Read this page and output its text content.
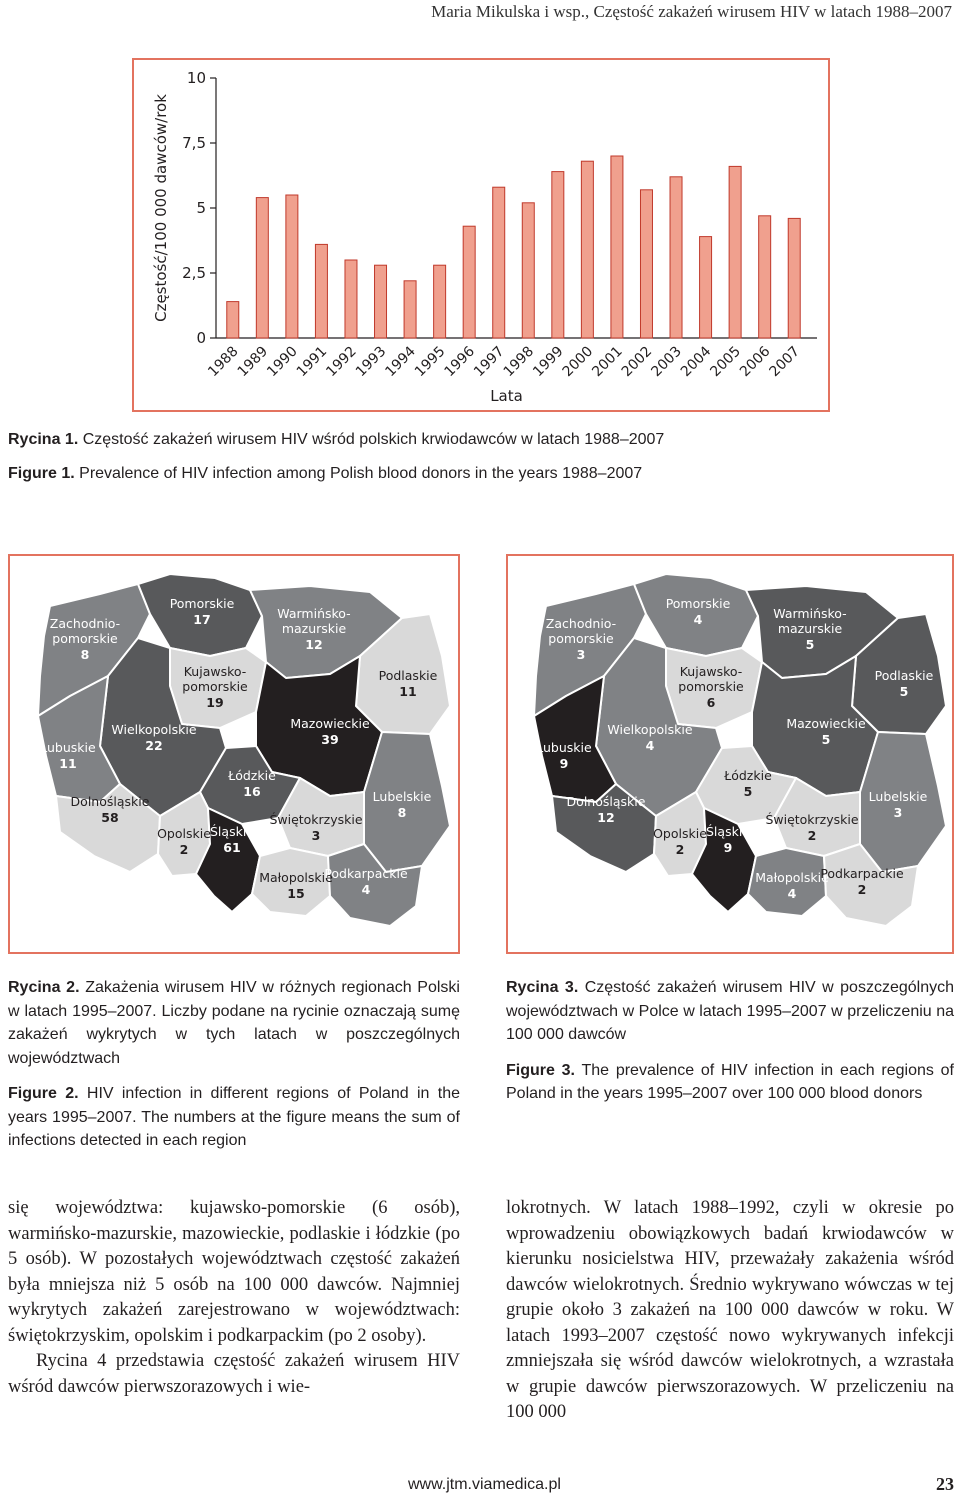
Maria Mikulska i wsp., Częstość zakażeń wirusem HIV w latach 1988–2007
0
2,5
5
7,5
10
Częstość/100 000 dawców/rok
1988
1989
1990
1991
1992
1993
1994
1995
1996
1997
1998
1999
2000
2001
2002
2003
2004
2005
2006
2007
Lata

Rycina 1. Częstość zakażeń wirusem HIV wśród polskich krwiodawców w latach 1988–2007

Figure 1. Prevalence of HIV infection among Polish blood donors in the years 1988–2007

Zachodnio-pomorskie 8
Pomorskie 17	Warmińsko-mazurskie 12
Podlaskie 11
Kujawsko-pomorskie 19
Wielkopolskie 22
Lubuskie 11
Mazowieckie 39
Łódzkie 16
Dolnośląskie 58
Lubelskie 8
Świętokrzyskie 3
Opolskie 2
Śląskie 61
Małopolskie 15
Podkarpackie 4
Zachodnio-pomorskie 3
Pomorskie 4	Warmińsko-mazurskie 5
Podlaskie 5
Kujawsko-pomorskie 6
Wielkopolskie 4
Lubuskie 9
Mazowieckie 5
Łódzkie 5
Dolnośląskie 12
Lubelskie 3
Świętokrzyskie 2
Opolskie 2
Śląskie 9
Małopolskie 4
Podkarpackie 2

Rycina 2. Zakażenia wirusem HIV w różnych regionach Polski w latach 1995–2007. Liczby podane na rycinie oznaczają sumę zakażeń wykrytych w tych latach w poszczególnych województwach

Figure 2. HIV infection in different regions of Poland in the years 1995–2007. The numbers at the figure means the sum of infections detected in each region

Rycina 3. Częstość zakażeń wirusem HIV w poszczególnych województwach w Polce w latach 1995–2007 w przeliczeniu na 100 000 dawców

Figure 3. The prevalence of HIV infection in each regions of Poland in the years 1995–2007 over 100 000 blood donors

się województwa: kujawsko-pomorskie (6 osób), warmińsko-mazurskie, mazowieckie, podlaskie i łódzkie (po 5 osób). W pozostałych województwach częstość zakażeń była mniejsza niż 5 osób na 100 000 dawców. Najmniej wykrytych zakażeń zarejestrowano w województwach: świętokrzyskim, opolskim i podkarpackim (po 2 osoby).

Rycina 4 przedstawia częstość zakażeń wirusem HIV wśród dawców pierwszorazowych i wie-

lokrotnych. W latach 1988–1992, czyli w okresie po wprowadzeniu obowiązkowych badań krwiodawców w kierunku nosicielstwa HIV, przeważały zakażenia wśród dawców wielokrotnych. Średnio wykrywano wówczas w tej grupie około 3 zakażeń na 100 000 dawców w roku. W latach 1993–2007 częstość nowo wykrywanych infekcji zmniejszała się wśród dawców wielokrotnych, a wzrastała w grupie dawców pierwszorazowych. W przeliczeniu na 100 000

www.jtm.viamedica.pl	23
